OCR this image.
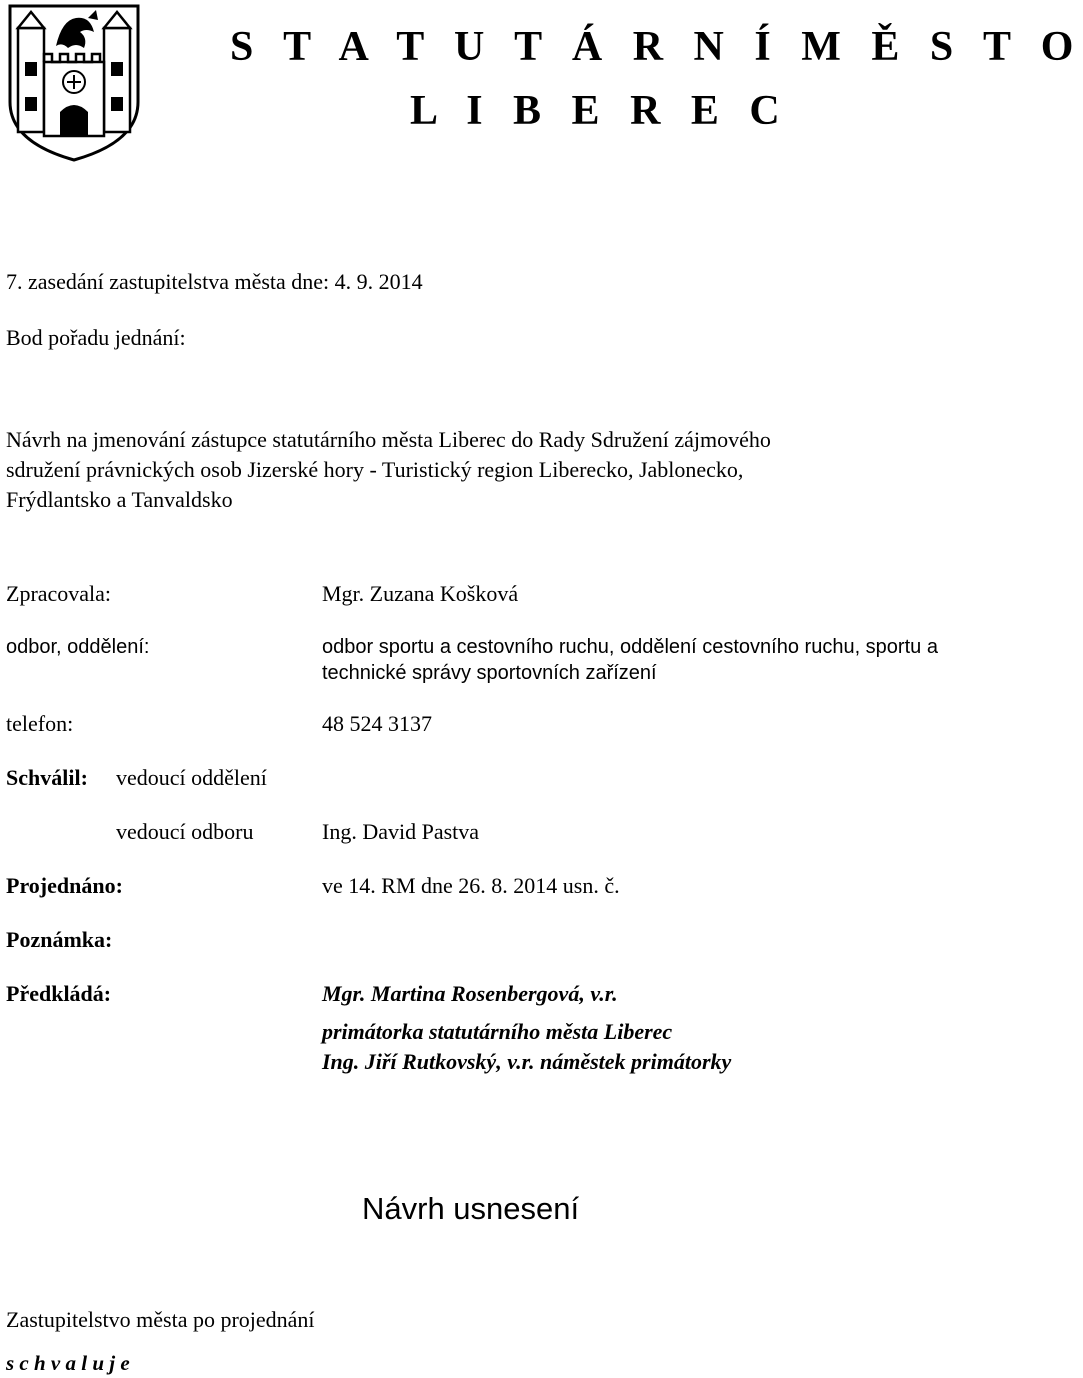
S T A T U T Á R N Í M Ě S T O
L I B E R E C
7. zasedání zastupitelstva města dne: 4. 9. 2014
Bod pořadu jednání:
Návrh na jmenování zástupce statutárního města Liberec do Rady Sdružení zájmového
sdružení právnických osob Jizerské hory - Turistický region Liberecko, Jablonecko,
Frýdlantsko a Tanvaldsko
Zpracovala:	Mgr. Zuzana Košková
odbor, oddělení:	odbor sportu a cestovního ruchu, oddělení cestovního ruchu, sportu a
technické správy sportovních zařízení
telefon:	48 524 3137
Schválil: vedoucí oddělení
vedoucí odboru	Ing. David Pastva
Projednáno:	ve 14. RM dne 26. 8. 2014 usn. č.
Poznámka:
Předkládá:	Mgr. Martina Rosenbergová, v.r.
primátorka statutárního města Liberec
Ing. Jiří Rutkovský, v.r. náměstek primátorky
Návrh usnesení
Zastupitelstvo města po projednání
s c h v a l u j e
